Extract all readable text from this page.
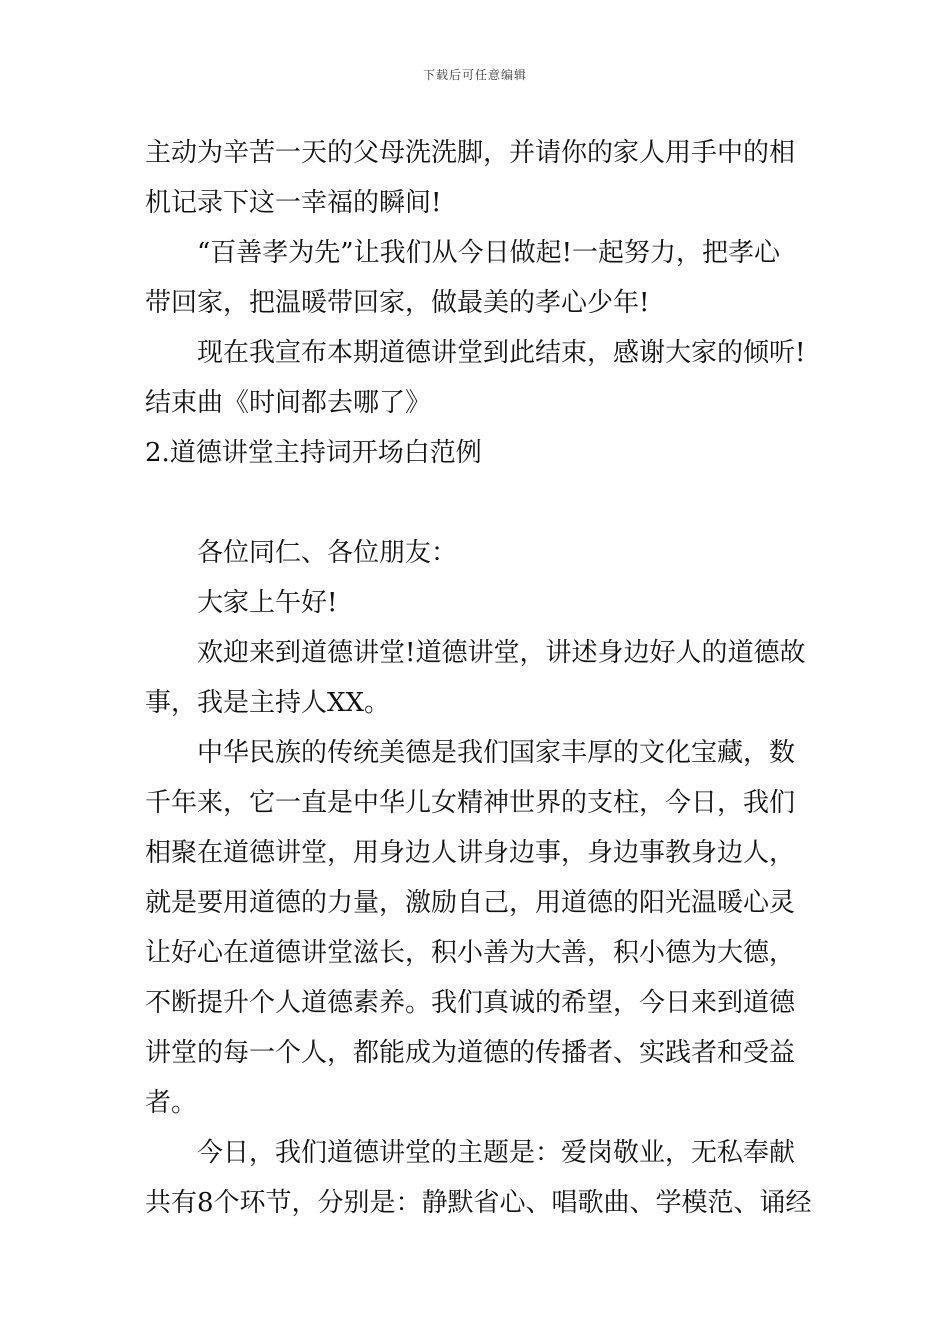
下载后可任意编辑
主动为辛苦一天的父母洗洗脚，并请你的家人用手中的相
机记录下这一幸福的瞬间!
“百善孝为先”让我们从今日做起!一起努力，把孝心
带回家，把温暖带回家，做最美的孝心少年!
现在我宣布本期道德讲堂到此结束，感谢大家的倾听!
结束曲《时间都去哪了》
2.道德讲堂主持词开场白范例
各位同仁、各位朋友：
大家上午好!
欢迎来到道德讲堂!道德讲堂，讲述身边好人的道德故
事，我是主持人XX。
中华民族的传统美德是我们国家丰厚的文化宝藏，数
千年来，它一直是中华儿女精神世界的支柱，今日，我们
相聚在道德讲堂，用身边人讲身边事，身边事教身边人，
就是要用道德的力量，激励自己，用道德的阳光温暖心灵
让好心在道德讲堂滋长，积小善为大善，积小德为大德，
不断提升个人道德素养。我们真诚的希望，今日来到道德
讲堂的每一个人，都能成为道德的传播者、实践者和受益
者。
今日，我们道德讲堂的主题是：爱岗敬业，无私奉献
共有8个环节，分别是：静默省心、唱歌曲、学模范、诵经
